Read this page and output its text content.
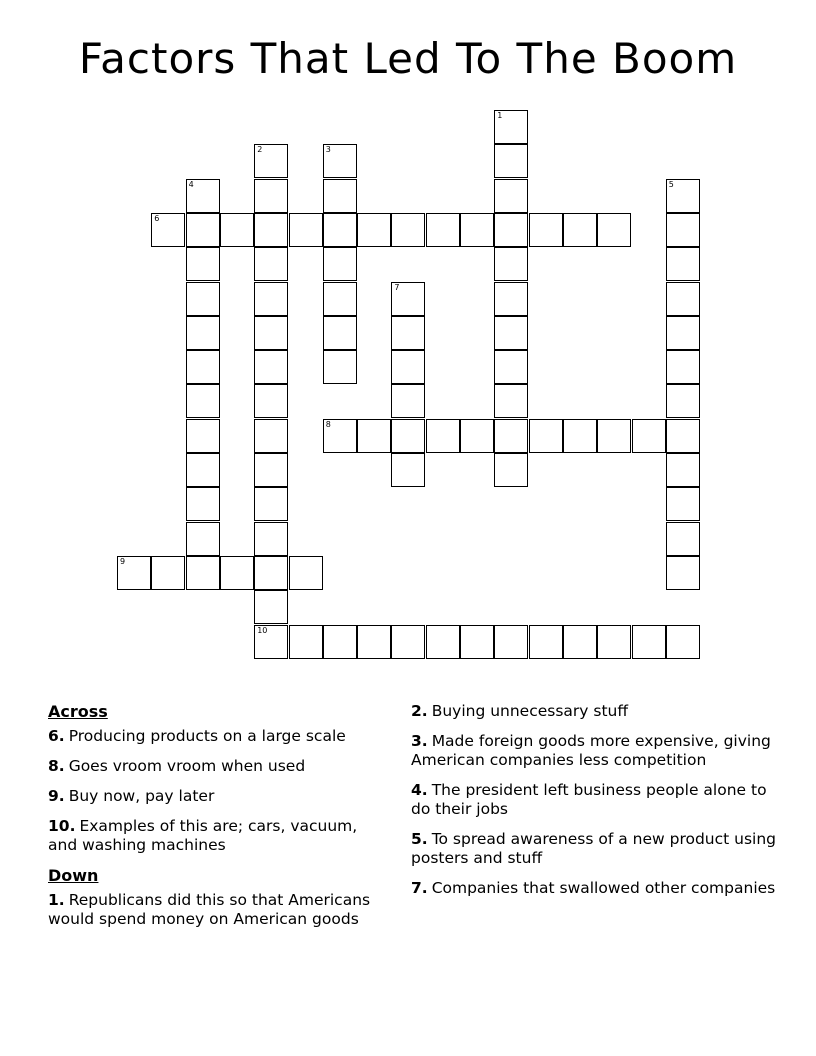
Factors That Led To The Boom
1
2
10
3
4	5
6
7
8
9
Across
6. Producing products on a large scale
8. Goes vroom vroom when used
9. Buy now, pay later
10. Examples of this are; cars, vacuum, and washing machines
Down
1. Republicans did this so that Americans would spend money on American goods
2. Buying unnecessary stuff
3. Made foreign goods more expensive, giving American companies less competition
4. The president left business people alone to do their jobs
5. To spread awareness of a new product using posters and stuff
7. Companies that swallowed other companies
